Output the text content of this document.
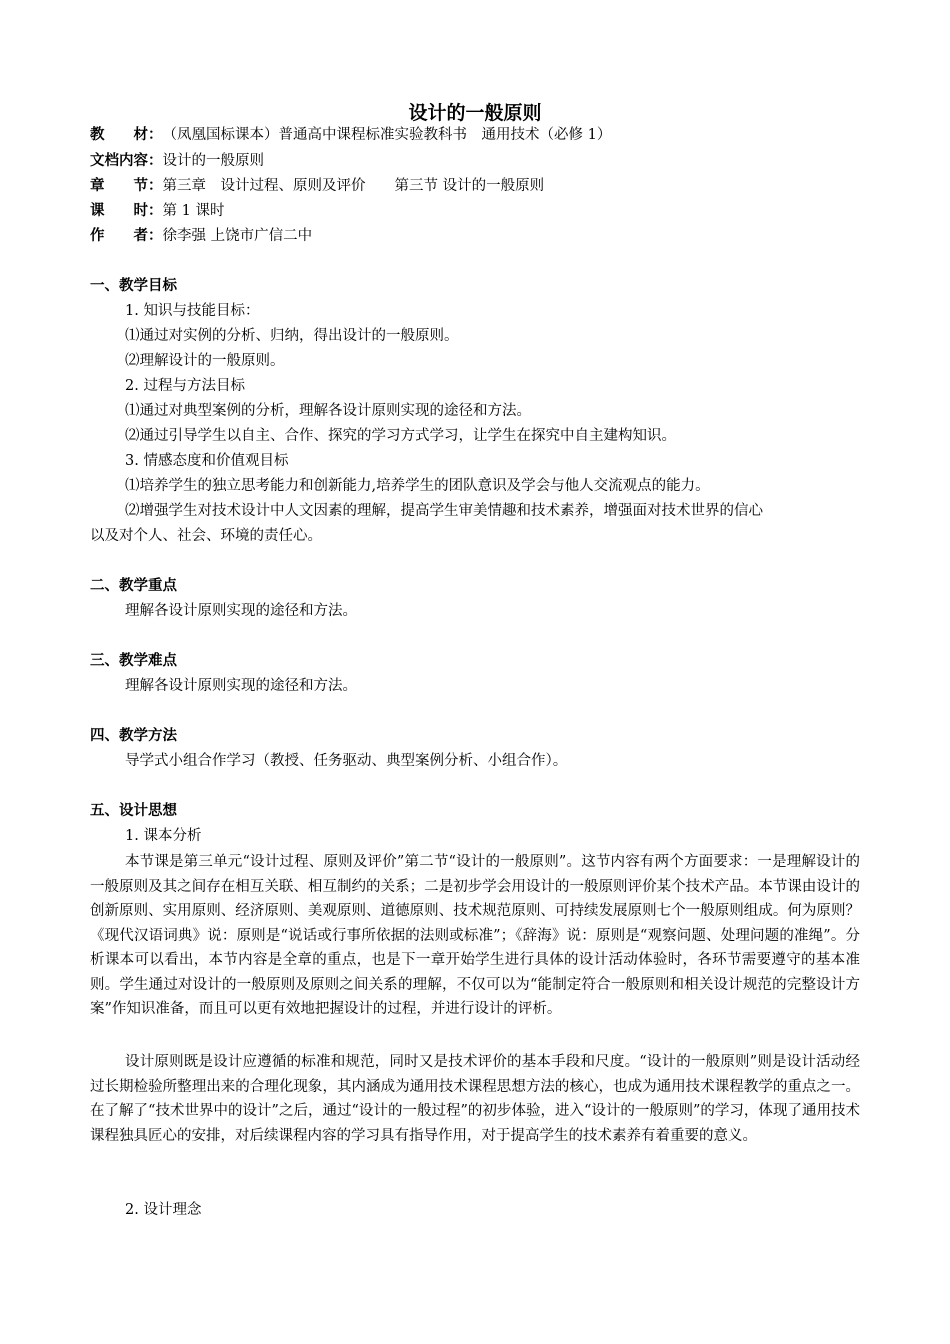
设计的一般原则
教　　材：（凤凰国标课本）普通高中课程标准实验教科书　通用技术（必修 1）
文档内容：设计的一般原则
章　　节：第三章　设计过程、原则及评价　　第三节 设计的一般原则
课　　时：第 1 课时
作　　者：徐李强 上饶市广信二中
一、教学目标
1. 知识与技能目标：
⑴通过对实例的分析、归纳，得出设计的一般原则。
⑵理解设计的一般原则。
2. 过程与方法目标
⑴通过对典型案例的分析，理解各设计原则实现的途径和方法。
⑵通过引导学生以自主、合作、探究的学习方式学习，让学生在探究中自主建构知识。
3. 情感态度和价值观目标
⑴培养学生的独立思考能力和创新能力,培养学生的团队意识及学会与他人交流观点的能力。
⑵增强学生对技术设计中人文因素的理解，提高学生审美情趣和技术素养，增强面对技术世界的信心
以及对个人、社会、环境的责任心。
二、教学重点
理解各设计原则实现的途径和方法。
三、教学难点
理解各设计原则实现的途径和方法。
四、教学方法
导学式小组合作学习（教授、任务驱动、典型案例分析、小组合作）。
五、设计思想
1. 课本分析
本节课是第三单元“设计过程、原则及评价”第二节“设计的一般原则”。这节内容有两个方面要求：一是理解设计的一般原则及其之间存在相互关联、相互制约的关系；二是初步学会用设计的一般原则评价某个技术产品。本节课由设计的创新原则、实用原则、经济原则、美观原则、道德原则、技术规范原则、可持续发展原则七个一般原则组成。何为原则？《现代汉语词典》说：原则是“说话或行事所依据的法则或标准”；《辞海》说：原则是“观察问题、处理问题的准绳”。分析课本可以看出，本节内容是全章的重点，也是下一章开始学生进行具体的设计活动体验时，各环节需要遵守的基本准则。学生通过对设计的一般原则及原则之间关系的理解，不仅可以为“能制定符合一般原则和相关设计规范的完整设计方案”作知识准备，而且可以更有效地把握设计的过程，并进行设计的评析。
设计原则既是设计应遵循的标准和规范，同时又是技术评价的基本手段和尺度。“设计的一般原则”则是设计活动经过长期检验所整理出来的合理化现象，其内涵成为通用技术课程思想方法的核心，也成为通用技术课程教学的重点之一。在了解了“技术世界中的设计”之后，通过“设计的一般过程”的初步体验，进入“设计的一般原则”的学习，体现了通用技术课程独具匠心的安排，对后续课程内容的学习具有指导作用，对于提高学生的技术素养有着重要的意义。
2. 设计理念
